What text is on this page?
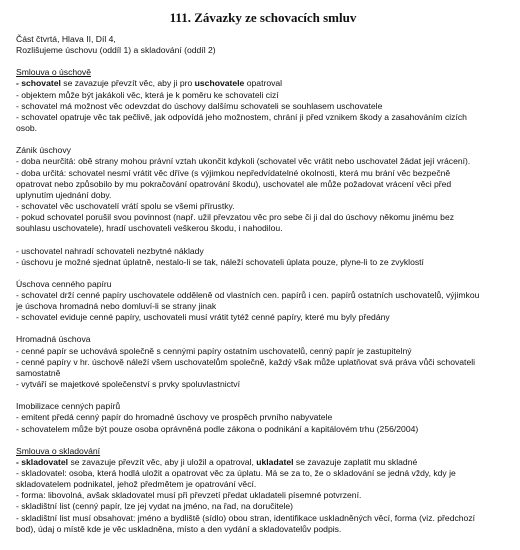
111. Závazky ze schovacích smluv
Část čtvrtá, Hlava II, Díl 4,
Rozlišujeme úschovu (oddíl 1) a skladování (oddíl 2)
Smlouva o úschově
- schovatel se zavazuje převzít věc, aby ji pro uschovatele opatroval
- objektem může být jakákoli věc, která je k poměru ke schovateli cizí
- schovatel má možnost věc odevzdat do úschovy dalšímu schovateli se souhlasem uschovatele
- schovatel opatruje věc tak pečlivě, jak odpovídá jeho možnostem, chrání ji před vznikem škody a zasahováním cizích
osob.
Zánik úschovy
- doba neurčitá: obě strany mohou právní vztah ukončit kdykoli (schovatel věc vrátit nebo uschovatel žádat její vrácení).
- doba určitá: schovatel nesmí vrátit věc dříve (s výjimkou nepředvídatelné okolnosti, která mu brání věc bezpečně
opatrovat nebo způsobilo by mu pokračování opatrování škodu), uschovatel ale může požadovat vrácení věci před
uplynutím ujednání doby.
- schovatel věc uschovatelí vrátí spolu se všemi přírustky.
- pokud schovatel porušil svou povinnost (např. užil převzatou věc pro sebe či ji dal do úschovy někomu jinému bez
souhlasu uschovatele), hradí uschovateli veškerou škodu, i nahodilou.
- uschovatel nahradí schovateli nezbytné náklady
- úschovu je možné sjednat úplatně, nestalo-li se tak, náleží schovateli úplata pouze, plyne-li to ze zvyklostí
Úschova cenného papíru
- schovatel drží cenné papíry uschovatele odděleně od vlastních cen. papírů i cen. papírů ostatních uschovatelů, výjimkou
je úschova hromadná nebo domluví-li se strany jinak
- schovatel eviduje cenné papíry, uschovateli musí vrátit tytéž cenné papíry, které mu byly předány
Hromadná úschova
- cenné papír se uchovává společně s cennými papíry ostatním uschovatelů, cenný papír je zastupitelný
- cenné papíry v hr. úschově náleží všem uschovatelům společně, každý však může uplatňovat svá práva vůči schovateli
samostatně
- vytváří se majetkové společenství s prvky spoluvlastnictví
Imobilizace cenných papírů
- emitent předá cenný papír do hromadné úschovy ve prospěch prvního nabyvatele
- schovatelem může být pouze osoba oprávněná podle zákona o podnikání a kapitálovém trhu (256/2004)
Smlouva o skladování
- skladovatel se zavazuje převzít věc, aby ji uložil a opatroval, ukladatel se zavazuje zaplatit mu skladné
- skladovatel: osoba, která hodlá uložit a opatrovat věc za úplatu. Má se za to, že o skladování se jedná vždy, kdy je
skladovatelem podnikatel, jehož předmětem je opatrování věcí.
- forma: libovolná, avšak skladovatel musí při převzetí předat ukladateli písemné potvrzení.
- skladištní list (cenný papír, lze jej vydat na jméno, na řad, na doručitele)
- skladištní list musí obsahovat: jméno a bydliště (sídlo) obou stran, identifikace uskladněných věcí, forma (viz. předchozí
bod), údaj o místě kde je věc uskladněna, místo a den vydání a skladovatelův podpis.
